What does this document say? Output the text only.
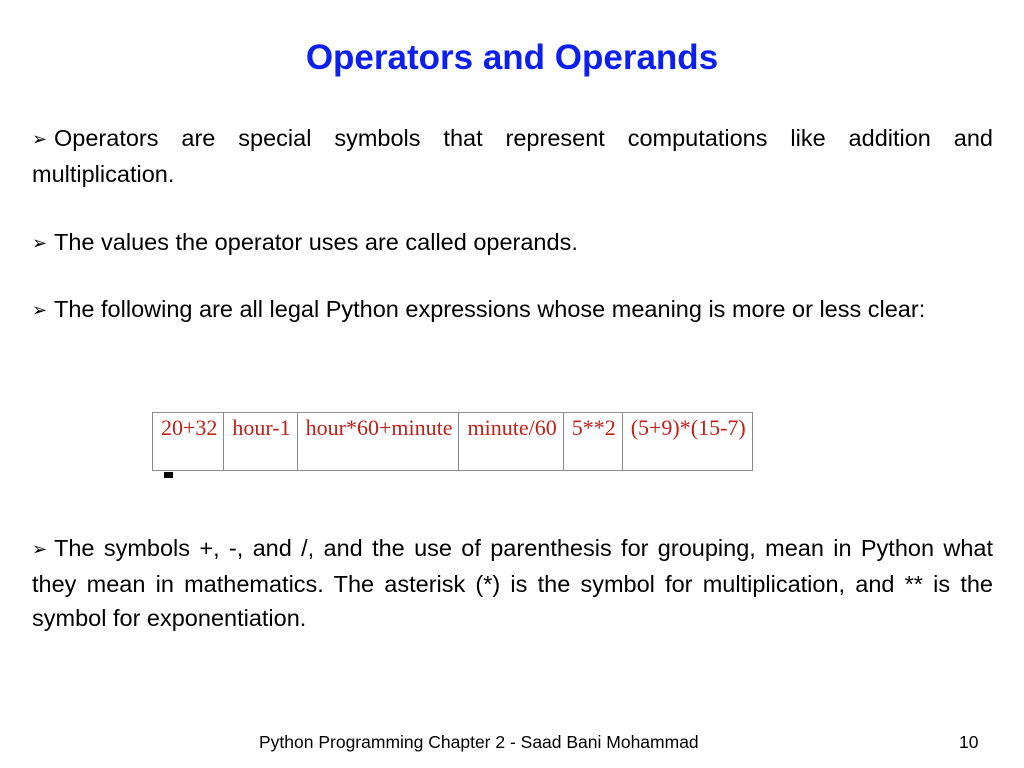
Operators and Operands
➢ Operators are special symbols that represent computations like addition and multiplication.
➢ The values the operator uses are called operands.
➢ The following are all legal Python expressions whose meaning is more or less clear:
20+32	hour-1	hour*60+minute	minute/60	5**2	(5+9)*(15-7)
➢ The symbols +, -, and /, and the use of parenthesis for grouping, mean in Python what they mean in mathematics. The asterisk (*) is the symbol for multiplication, and ** is the symbol for exponentiation.
Python Programming Chapter 2 - Saad Bani Mohammad	10
